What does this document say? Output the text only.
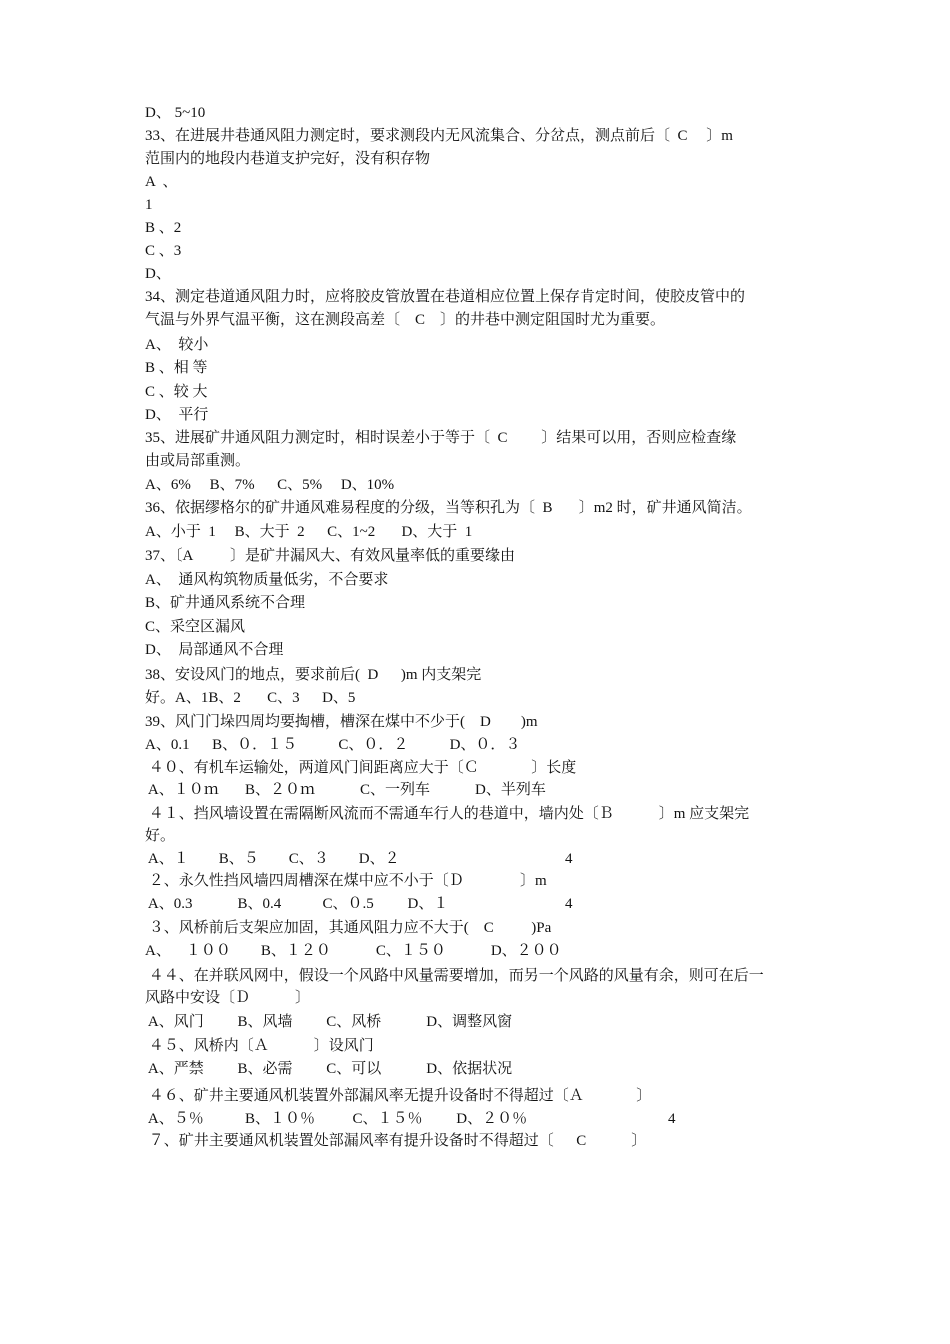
D、 5~10
33、在进展井巷通风阻力测定时，要求测段内无风流集合、分岔点，测点前后〔  C     〕m
范围内的地段内巷道支护完好，没有积存物
A  、
1
B 、2
C 、3
D、
34、测定巷道通风阻力时，应将胶皮管放置在巷道相应位置上保存肯定时间，使胶皮管中的
气温与外界气温平衡，这在测段高差〔    C    〕的井巷中测定阻国时尤为重要。
A、  较小
B 、相 等
C 、较 大
D、  平行
35、进展矿井通风阻力测定时，相时误差小于等于〔  C         〕结果可以用，否则应检查缘
由或局部重测。
A、6%     B、7%      C、5%     D、10%
36、依据缪格尔的矿井通风难易程度的分级，当等积孔为〔  B       〕m2 时，矿井通风简洁。
A、小于  1     B、大于  2      C、1~2       D、大于  1
37、〔A          〕是矿井漏风大、有效风量率低的重要缘由
A、  通风构筑物质量低劣，不合要求
B、矿井通风系统不合理
C、采空区漏风
D、  局部通风不合理
38、安设风门的地点，要求前后(  D      )m 内支架完
好。A、1B、2       C、3      D、5
39、风门门垛四周均要掏槽，槽深在煤中不少于(    D        )m
A、0.1      B、０．１５           C、０．２           D、０．３
４０、有机车运输处，两道风门间距离应大于〔Ｃ              〕长度
A、１０ｍ       B、２０ｍ            C、一列车            D、半列车
４１、挡风墙设置在需隔断风流而不需通车行人的巷道中，墙内处〔Ｂ            〕m 应支架完
好。
A、１        B、５        C、３        D、２	4
２、永久性挡风墙四周槽深在煤中应不小于〔Ｄ               〕m
A、0.3            B、0.4           C、０.5         D、１	4
３、风桥前后支架应加固，其通风阻力应不大于(    C          )Pa
A、    １００        B、１２０            C、１５０            D、２００
４４、在并联风网中，假设一个风路中风量需要增加，而另一个风路的风量有余，则可在后一
风路中安设〔Ｄ            〕
A、风门         B、风墙         C、风桥            D、调整风窗
４５、风桥内〔Ａ            〕设风门
A、严禁         B、必需         C、可以            D、依据状况
４６、矿井主要通风机装置外部漏风率无提升设备时不得超过〔Ａ              〕
A、５％           B、１０％          C、１５％         D、２０％	4
７、矿井主要通风机装置处部漏风率有提升设备时不得超过〔      C            〕
